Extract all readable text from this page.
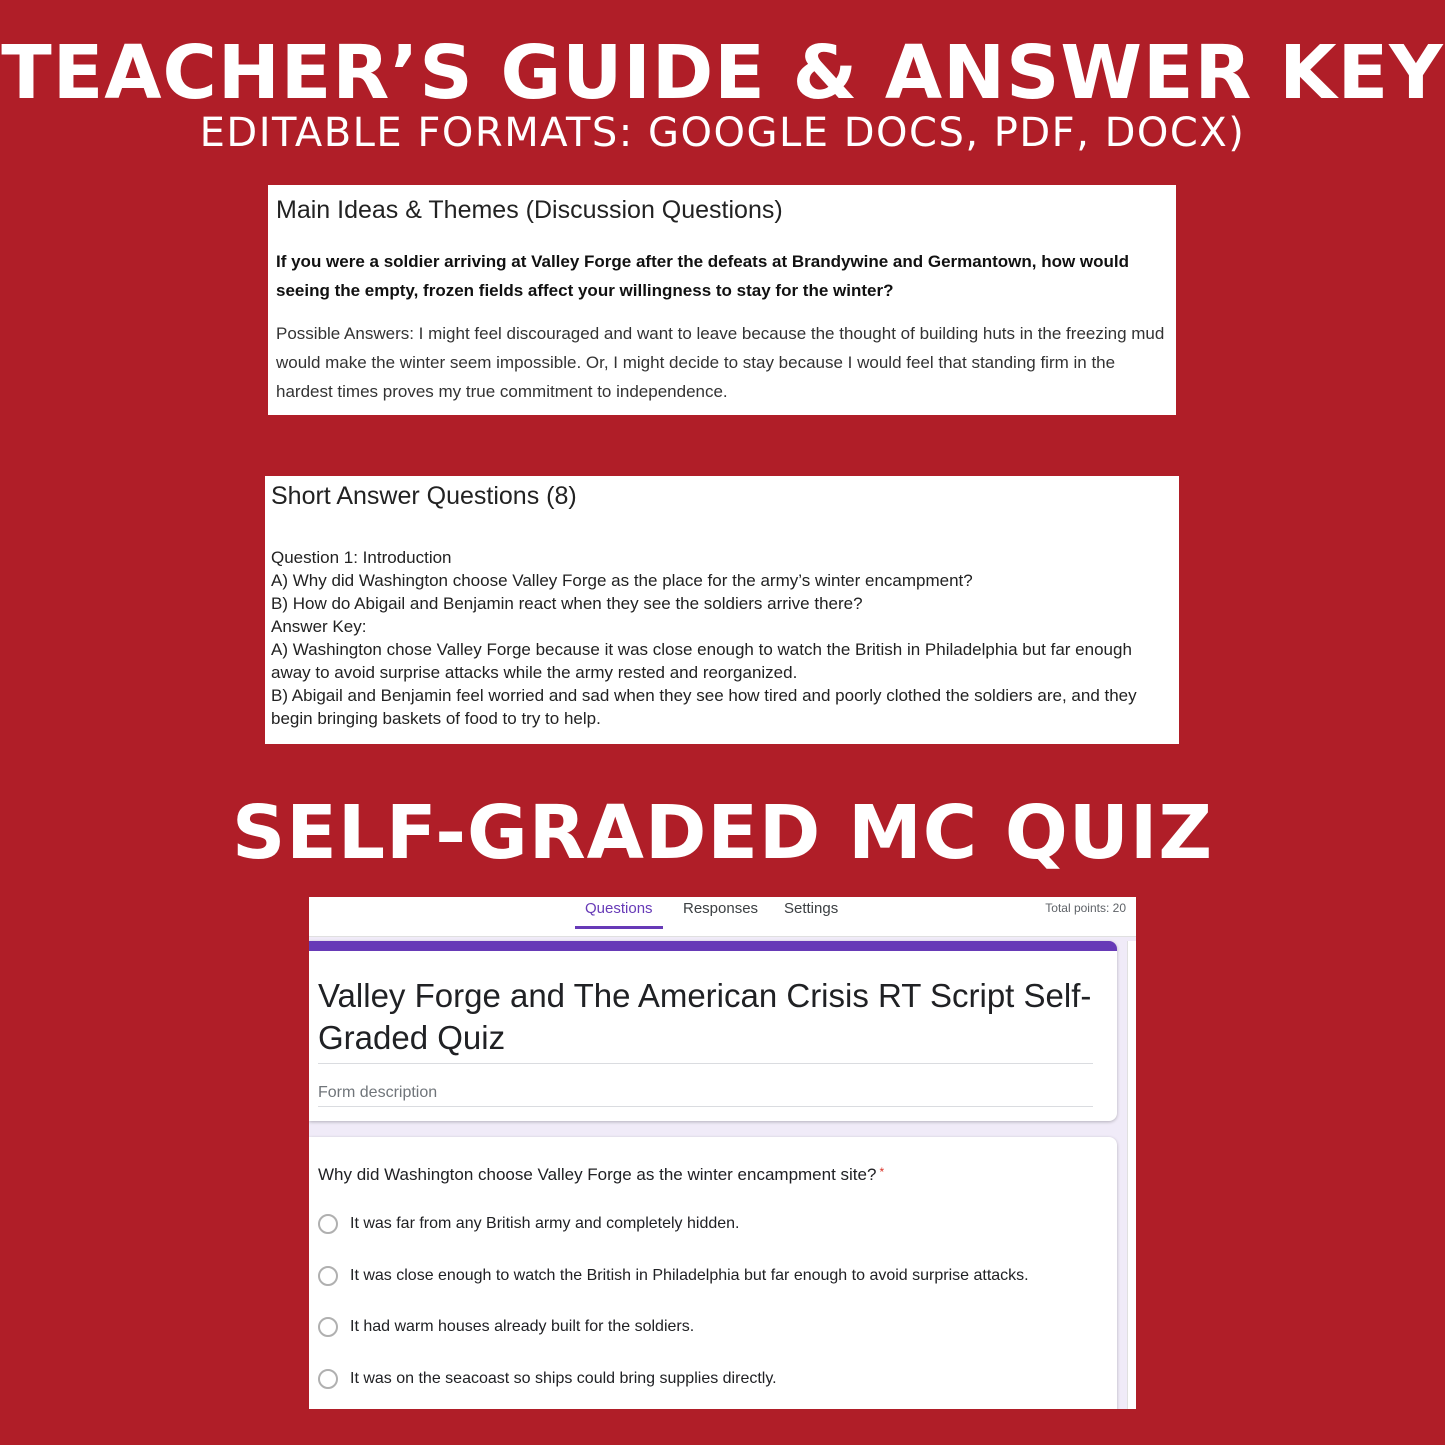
TEACHER’S GUIDE & ANSWER KEY
EDITABLE FORMATS: GOOGLE DOCS, PDF, DOCX)
Main Ideas & Themes (Discussion Questions)
If you were a soldier arriving at Valley Forge after the defeats at Brandywine and Germantown, how would seeing the empty, frozen fields affect your willingness to stay for the winter?
Possible Answers: I might feel discouraged and want to leave because the thought of building huts in the freezing mud would make the winter seem impossible. Or, I might decide to stay because I would feel that standing firm in the hardest times proves my true commitment to independence.
Short Answer Questions (8)
Question 1: Introduction
A) Why did Washington choose Valley Forge as the place for the army’s winter encampment?
B) How do Abigail and Benjamin react when they see the soldiers arrive there?
Answer Key:
A) Washington chose Valley Forge because it was close enough to watch the British in Philadelphia but far enough away to avoid surprise attacks while the army rested and reorganized.
B) Abigail and Benjamin feel worried and sad when they see how tired and poorly clothed the soldiers are, and they begin bringing baskets of food to try to help.
SELF-GRADED MC QUIZ
Questions	Responses	Settings	Total points: 20
Valley Forge and The American Crisis RT Script Self-Graded Quiz
Form description
Why did Washington choose Valley Forge as the winter encampment site? *
It was far from any British army and completely hidden.
It was close enough to watch the British in Philadelphia but far enough to avoid surprise attacks.
It had warm houses already built for the soldiers.
It was on the seacoast so ships could bring supplies directly.
